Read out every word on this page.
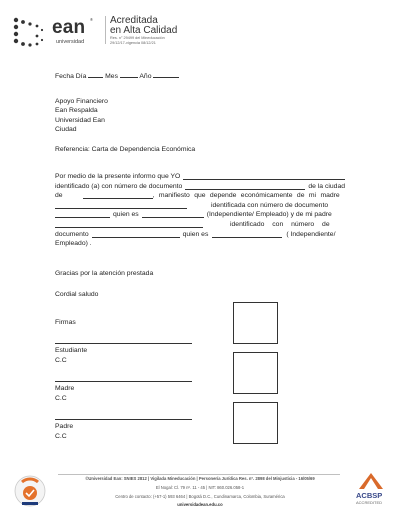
ean ®
universidad
Acreditada
en Alta Calidad
Res. n° 29499 del Mineducación
29/12/17-vigencia 08/12/21
Fecha Día	Mes	Año
Apoyo Financiero
Ean Respalda
Universidad Ean
Ciudad
Referencia: Carta de Dependencia Económica
Por medio de la presente informo que YO
identificado (a) con número de documento	de la ciudad
de	, manifiesto que depende económicamente de mi madre
identificada con número de documento
quien es	(Independiente/ Empleado) y de mi padre
identificado con número de
documento	quien es	( Independiente/
Empleado) .
Gracias por la atención prestada
Cordial saludo
Firmas
Estudiante
C.C
Madre
C.C
Padre
C.C
©Universidad Ean: SNIES 2812 | Vigilada Mineducación | Personería Jurídica Res. nº. 2898 del Minjusticia - 16/05/69
El Nogal: Cl. 79 nº. 11 - 45 | NIT: 860.026.058-1
Centro de contacto: (+57-1) 593 6464 | Bogotá D.C., Cundinamarca, Colombia, Suramérica
universidadean.edu.co
ACBSP
ACCREDITED
